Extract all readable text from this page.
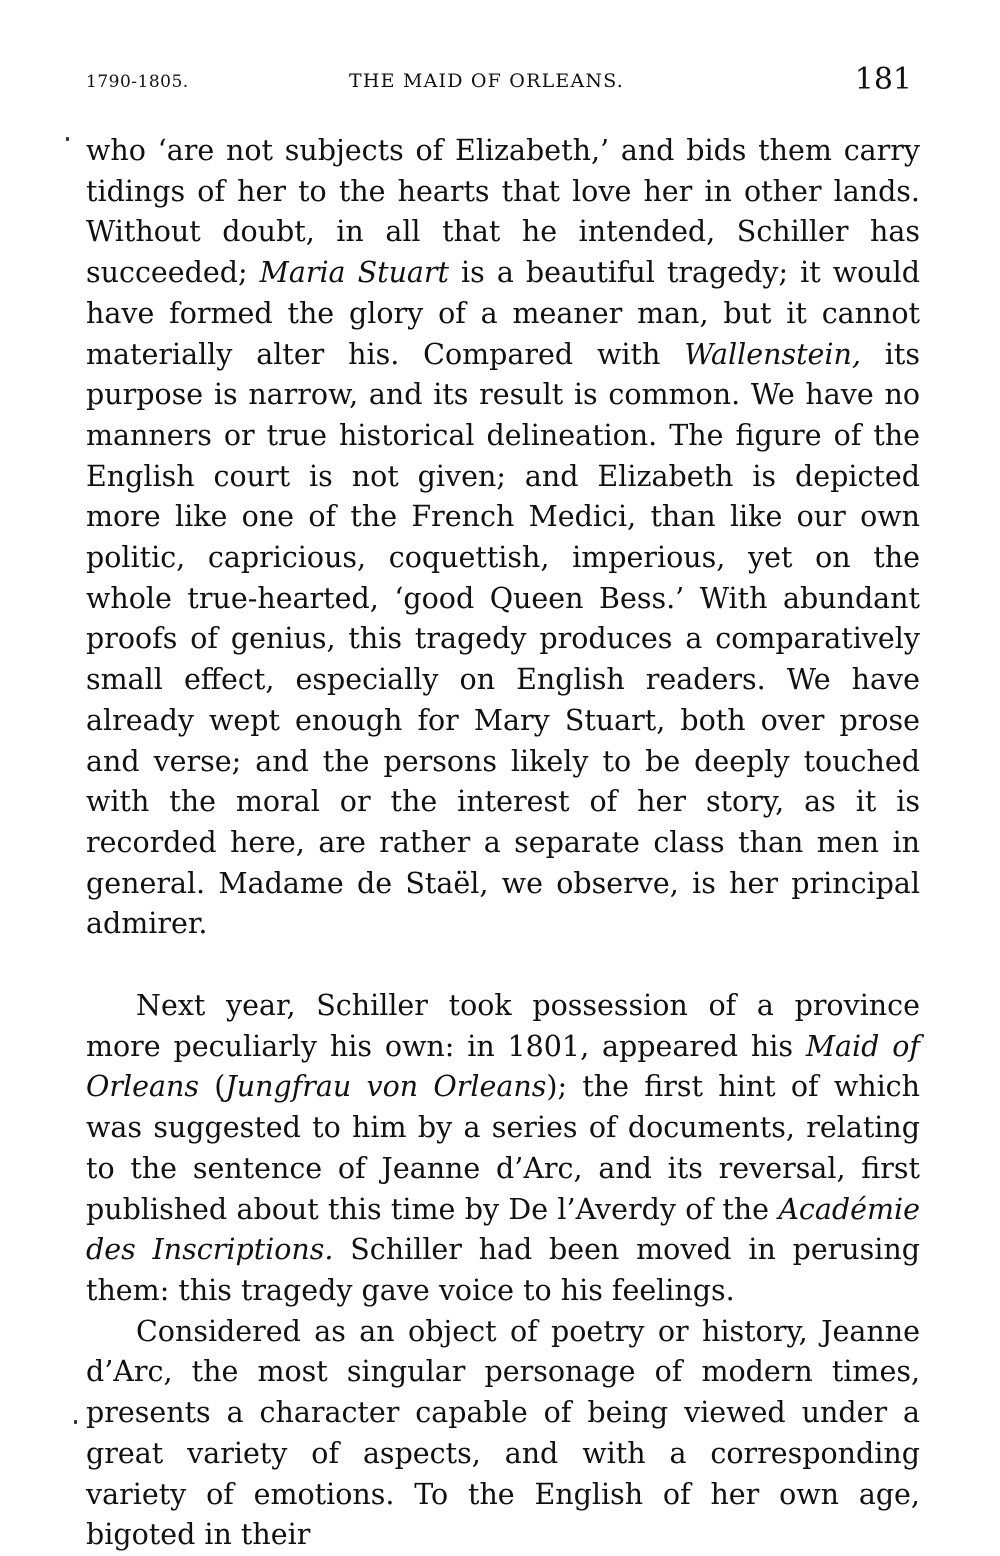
1790-1805.	THE MAID OF ORLEANS.	181

who ‘are not subjects of Elizabeth,’ and bids them carry tidings of her to the hearts that love her in other lands. Without doubt, in all that he intended, Schiller has succeeded; Maria Stuart is a beautiful tragedy; it would have formed the glory of a meaner man, but it cannot materially alter his. Compared with Wallenstein, its purpose is narrow, and its result is common. We have no manners or true historical delineation. The figure of the English court is not given; and Elizabeth is depicted more like one of the French Medici, than like our own politic, capricious, coquettish, imperious, yet on the whole true-hearted, ‘good Queen Bess.’ With abundant proofs of genius, this tragedy produces a comparatively small effect, especially on English readers. We have already wept enough for Mary Stuart, both over prose and verse; and the persons likely to be deeply touched with the moral or the interest of her story, as it is recorded here, are rather a separate class than men in general. Madame de Staël, we observe, is her principal admirer.

Next year, Schiller took possession of a province more peculiarly his own: in 1801, appeared his Maid of Orleans (Jungfrau von Orleans); the first hint of which was suggested to him by a series of documents, relating to the sentence of Jeanne d’Arc, and its reversal, first published about this time by De l’Averdy of the Académie des Inscriptions. Schiller had been moved in perusing them: this tragedy gave voice to his feelings.

Considered as an object of poetry or history, Jeanne d’Arc, the most singular personage of modern times, presents a character capable of being viewed under a great variety of aspects, and with a corresponding variety of emotions. To the English of her own age, bigoted in their
